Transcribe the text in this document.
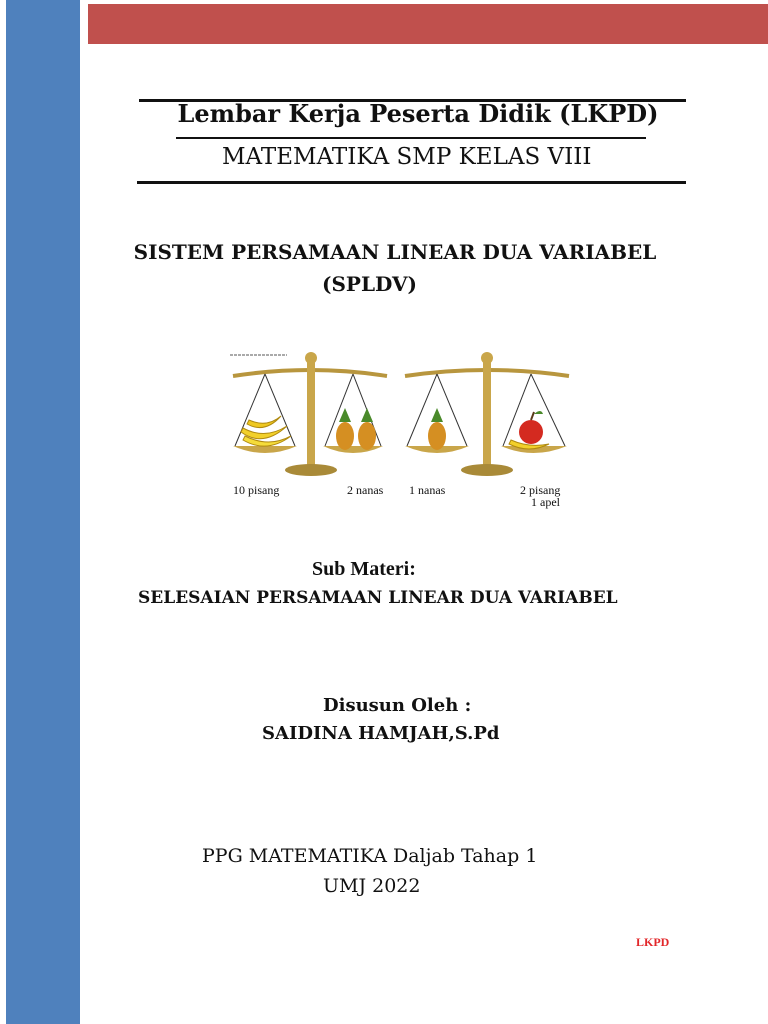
Lembar Kerja Peserta Didik (LKPD)
MATEMATIKA SMP KELAS VIII
SISTEM PERSAMAAN LINEAR DUA VARIABEL
(SPLDV)
10 pisang	2 nanas 1 nanas	2 pisang
1 apel
Sub Materi:
SELESAIAN PERSAMAAN LINEAR DUA VARIABEL
Disusun Oleh :
SAIDINA HAMJAH,S.Pd
PPG MATEMATIKA Daljab Tahap 1
UMJ 2022
LKPD
